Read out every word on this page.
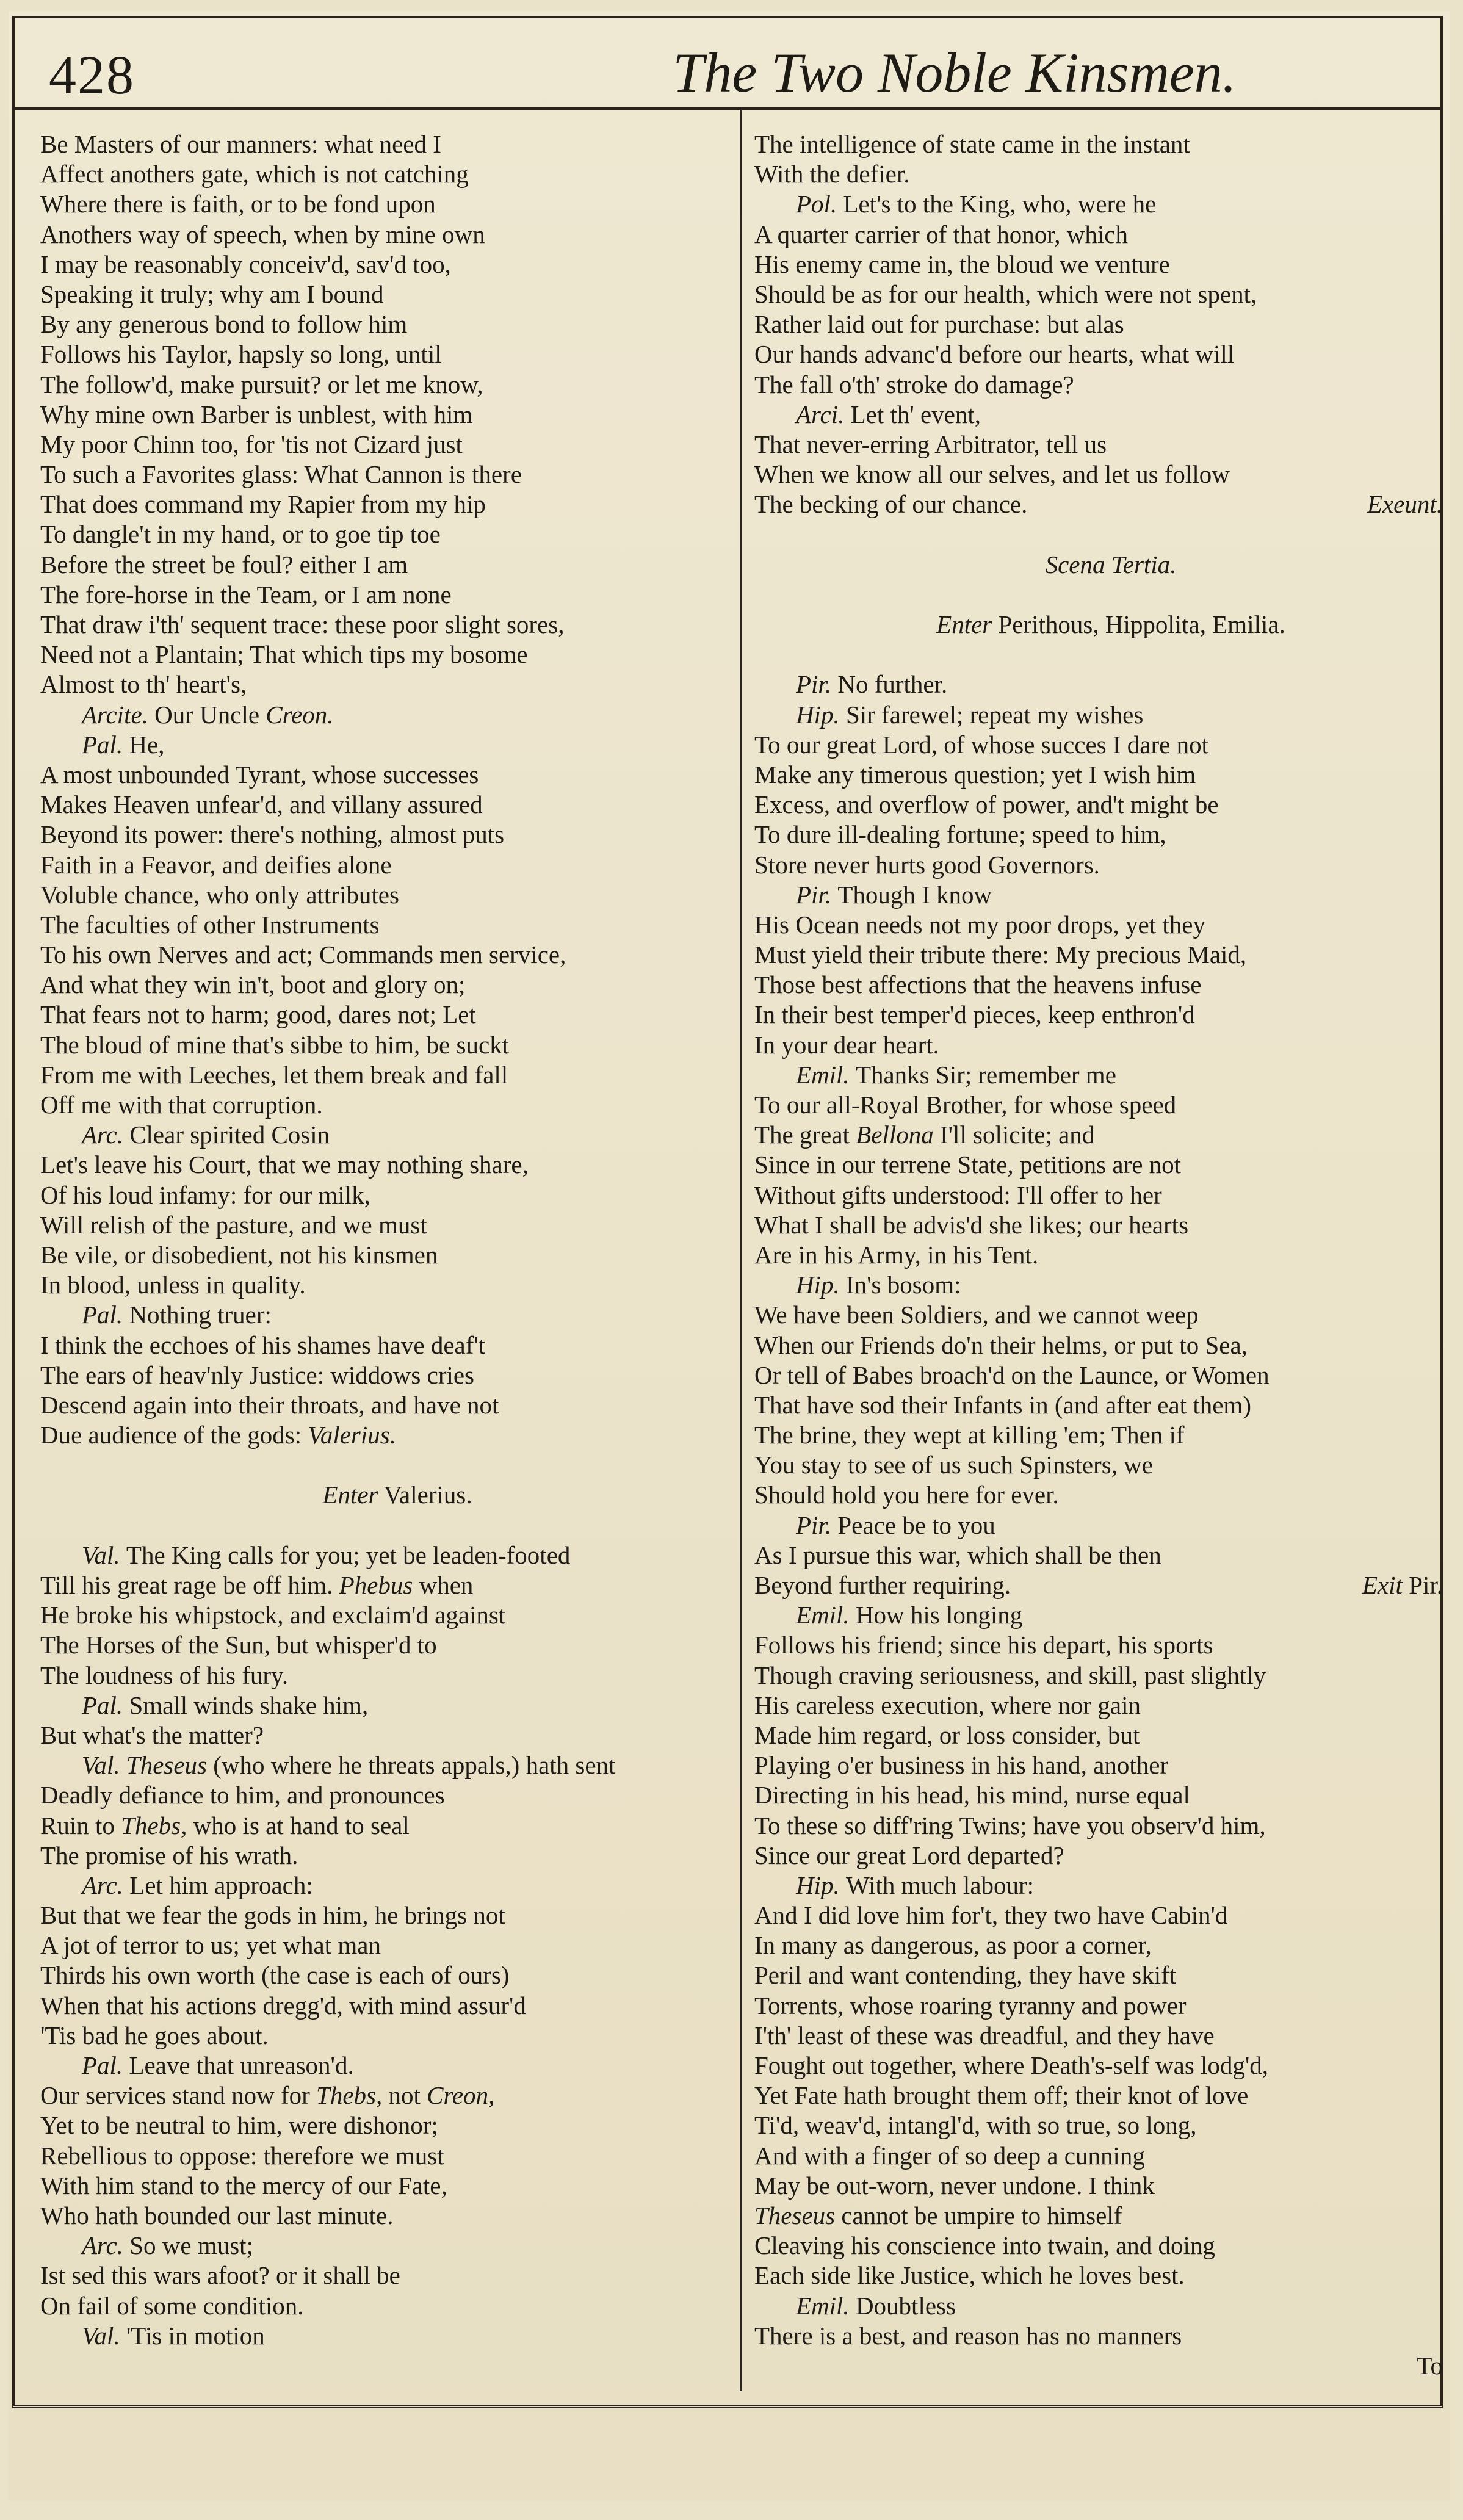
428	The Two Noble Kinsmen.
Be Masters of our manners: what need I
Affect anothers gate, which is not catching
Where there is faith, or to be fond upon
Anothers way of speech, when by mine own
I may be reasonably conceiv'd, sav'd too,
Speaking it truly; why am I bound
By any generous bond to follow him
Follows his Taylor, hapsly so long, until
The follow'd, make pursuit? or let me know,
Why mine own Barber is unblest, with him
My poor Chinn too, for 'tis not Cizard just
To such a Favorites glass: What Cannon is there
That does command my Rapier from my hip
To dangle't in my hand, or to goe tip toe
Before the street be foul? either I am
The fore-horse in the Team, or I am none
That draw i'th' sequent trace: these poor slight sores,
Need not a Plantain; That which tips my bosome
Almost to th' heart's,
Arcite. Our Uncle Creon.
Pal. He,
A most unbounded Tyrant, whose successes
Makes Heaven unfear'd, and villany assured
Beyond its power: there's nothing, almost puts
Faith in a Feavor, and deifies alone
Voluble chance, who only attributes
The faculties of other Instruments
To his own Nerves and act; Commands men service,
And what they win in't, boot and glory on;
That fears not to harm; good, dares not; Let
The bloud of mine that's sibbe to him, be suckt
From me with Leeches, let them break and fall
Off me with that corruption.
Arc. Clear spirited Cosin
Let's leave his Court, that we may nothing share,
Of his loud infamy: for our milk,
Will relish of the pasture, and we must
Be vile, or disobedient, not his kinsmen
In blood, unless in quality.
Pal. Nothing truer:
I think the ecchoes of his shames have deaf't
The ears of heav'nly Justice: widdows cries
Descend again into their throats, and have not
Due audience of the gods: Valerius.
Enter Valerius.
Val. The King calls for you; yet be leaden-footed
Till his great rage be off him. Phebus when
He broke his whipstock, and exclaim'd against
The Horses of the Sun, but whisper'd to
The loudness of his fury.
Pal. Small winds shake him,
But what's the matter?
Val. Theseus (who where he threats appals,) hath sent
Deadly defiance to him, and pronounces
Ruin to Thebs, who is at hand to seal
The promise of his wrath.
Arc. Let him approach:
But that we fear the gods in him, he brings not
A jot of terror to us; yet what man
Thirds his own worth (the case is each of ours)
When that his actions dregg'd, with mind assur'd
'Tis bad he goes about.
Pal. Leave that unreason'd.
Our services stand now for Thebs, not Creon,
Yet to be neutral to him, were dishonor;
Rebellious to oppose: therefore we must
With him stand to the mercy of our Fate,
Who hath bounded our last minute.
Arc. So we must;
Ist sed this wars afoot? or it shall be
On fail of some condition.
Val. 'Tis in motion
The intelligence of state came in the instant
With the defier.
Pol. Let's to the King, who, were he
A quarter carrier of that honor, which
His enemy came in, the bloud we venture
Should be as for our health, which were not spent,
Rather laid out for purchase: but alas
Our hands advanc'd before our hearts, what will
The fall o'th' stroke do damage?
Arci. Let th' event,
That never-erring Arbitrator, tell us
When we know all our selves, and let us follow
The becking of our chance.	Exeunt.
Scena Tertia.
Enter Perithous, Hippolita, Emilia.
Pir. No further.
Hip. Sir farewel; repeat my wishes
To our great Lord, of whose succes I dare not
Make any timerous question; yet I wish him
Excess, and overflow of power, and't might be
To dure ill-dealing fortune; speed to him,
Store never hurts good Governors.
Pir. Though I know
His Ocean needs not my poor drops, yet they
Must yield their tribute there: My precious Maid,
Those best affections that the heavens infuse
In their best temper'd pieces, keep enthron'd
In your dear heart.
Emil. Thanks Sir; remember me
To our all-Royal Brother, for whose speed
The great Bellona I'll solicite; and
Since in our terrene State, petitions are not
Without gifts understood: I'll offer to her
What I shall be advis'd she likes; our hearts
Are in his Army, in his Tent.
Hip. In's bosom:
We have been Soldiers, and we cannot weep
When our Friends do'n their helms, or put to Sea,
Or tell of Babes broach'd on the Launce, or Women
That have sod their Infants in (and after eat them)
The brine, they wept at killing 'em; Then if
You stay to see of us such Spinsters, we
Should hold you here for ever.
Pir. Peace be to you
As I pursue this war, which shall be then
Beyond further requiring.	Exit Pir.
Emil. How his longing
Follows his friend; since his depart, his sports
Though craving seriousness, and skill, past slightly
His careless execution, where nor gain
Made him regard, or loss consider, but
Playing o'er business in his hand, another
Directing in his head, his mind, nurse equal
To these so diff'ring Twins; have you observ'd him,
Since our great Lord departed?
Hip. With much labour:
And I did love him for't, they two have Cabin'd
In many as dangerous, as poor a corner,
Peril and want contending, they have skift
Torrents, whose roaring tyranny and power
I'th' least of these was dreadful, and they have
Fought out together, where Death's-self was lodg'd,
Yet Fate hath brought them off; their knot of love
Ti'd, weav'd, intangl'd, with so true, so long,
And with a finger of so deep a cunning
May be out-worn, never undone. I think
Theseus cannot be umpire to himself
Cleaving his conscience into twain, and doing
Each side like Justice, which he loves best.
Emil. Doubtless
There is a best, and reason has no manners
To
